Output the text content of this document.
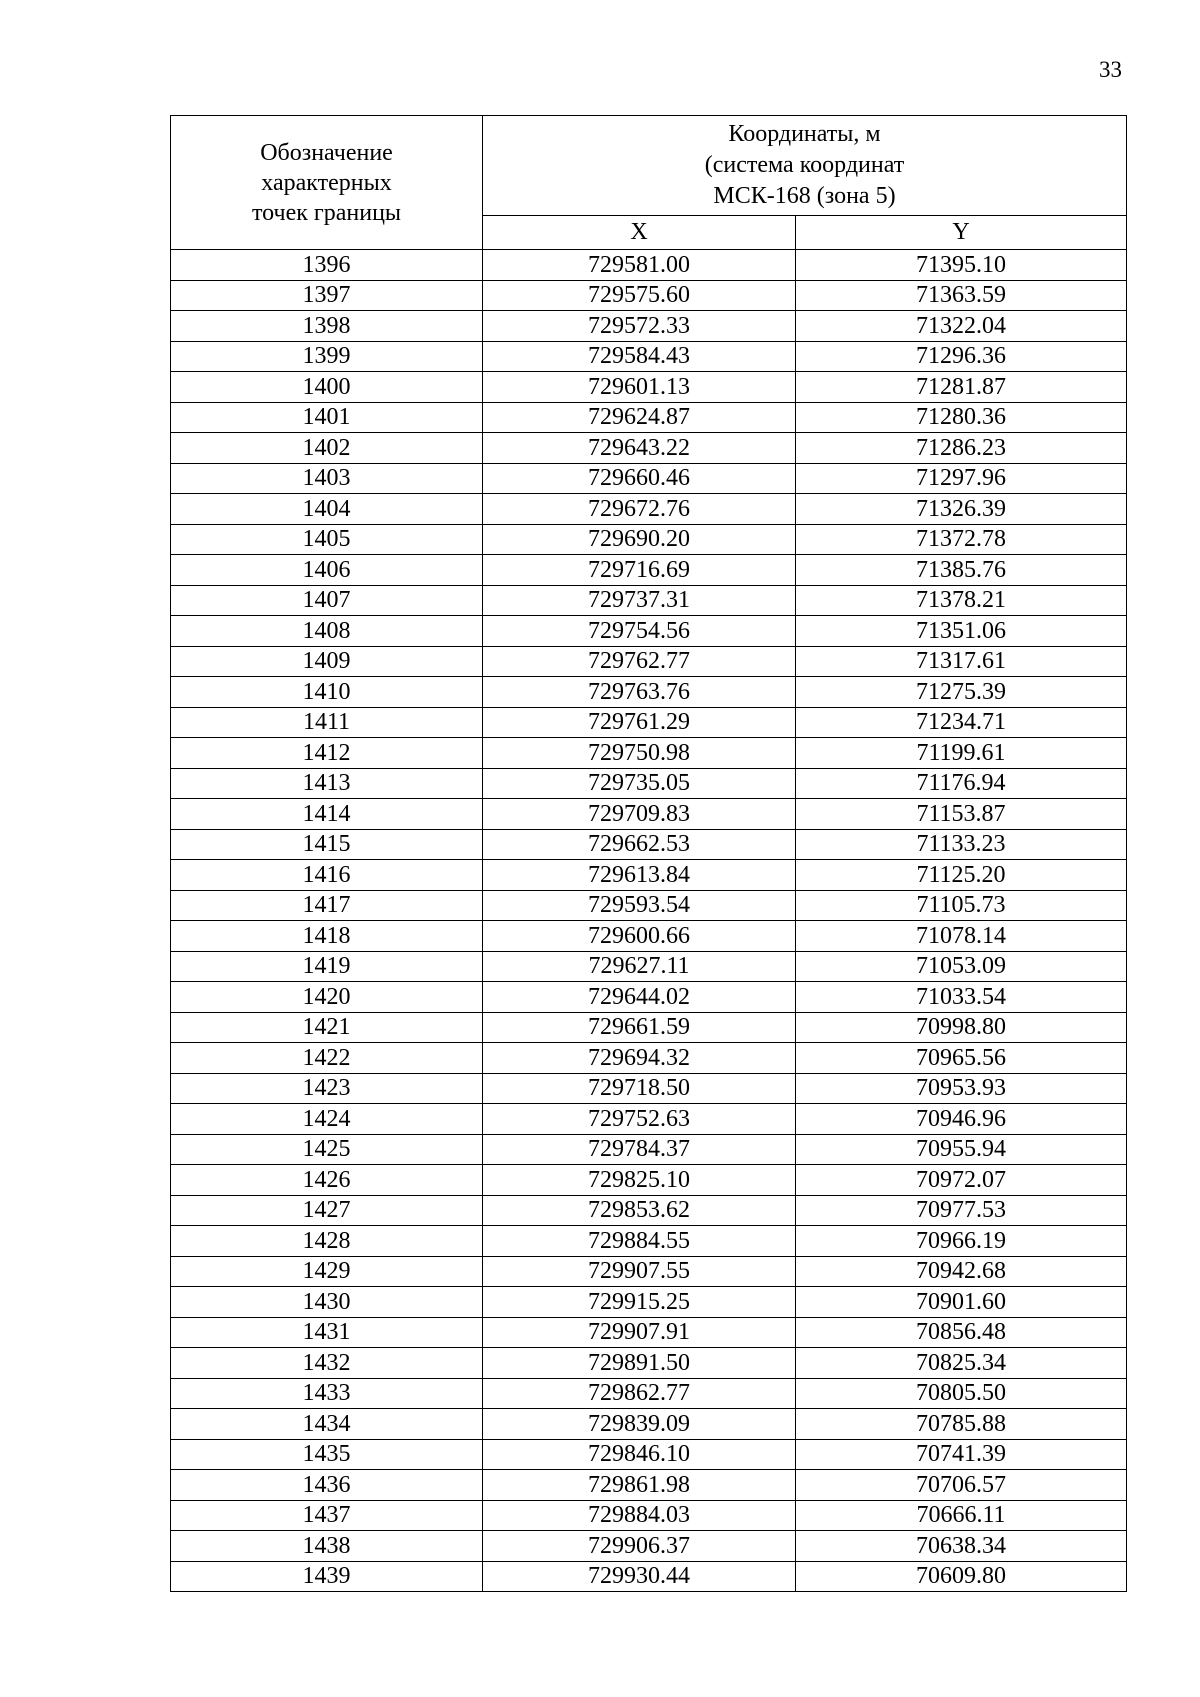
33
Обозначение
характерных
точек границы	Координаты, м
(система координат
МСК-168 (зона 5)	
	X	Y
1396	729581.00	71395.10
1397	729575.60	71363.59
1398	729572.33	71322.04
1399	729584.43	71296.36
1400	729601.13	71281.87
1401	729624.87	71280.36
1402	729643.22	71286.23
1403	729660.46	71297.96
1404	729672.76	71326.39
1405	729690.20	71372.78
1406	729716.69	71385.76
1407	729737.31	71378.21
1408	729754.56	71351.06
1409	729762.77	71317.61
1410	729763.76	71275.39
1411	729761.29	71234.71
1412	729750.98	71199.61
1413	729735.05	71176.94
1414	729709.83	71153.87
1415	729662.53	71133.23
1416	729613.84	71125.20
1417	729593.54	71105.73
1418	729600.66	71078.14
1419	729627.11	71053.09
1420	729644.02	71033.54
1421	729661.59	70998.80
1422	729694.32	70965.56
1423	729718.50	70953.93
1424	729752.63	70946.96
1425	729784.37	70955.94
1426	729825.10	70972.07
1427	729853.62	70977.53
1428	729884.55	70966.19
1429	729907.55	70942.68
1430	729915.25	70901.60
1431	729907.91	70856.48
1432	729891.50	70825.34
1433	729862.77	70805.50
1434	729839.09	70785.88
1435	729846.10	70741.39
1436	729861.98	70706.57
1437	729884.03	70666.11
1438	729906.37	70638.34
1439	729930.44	70609.80
